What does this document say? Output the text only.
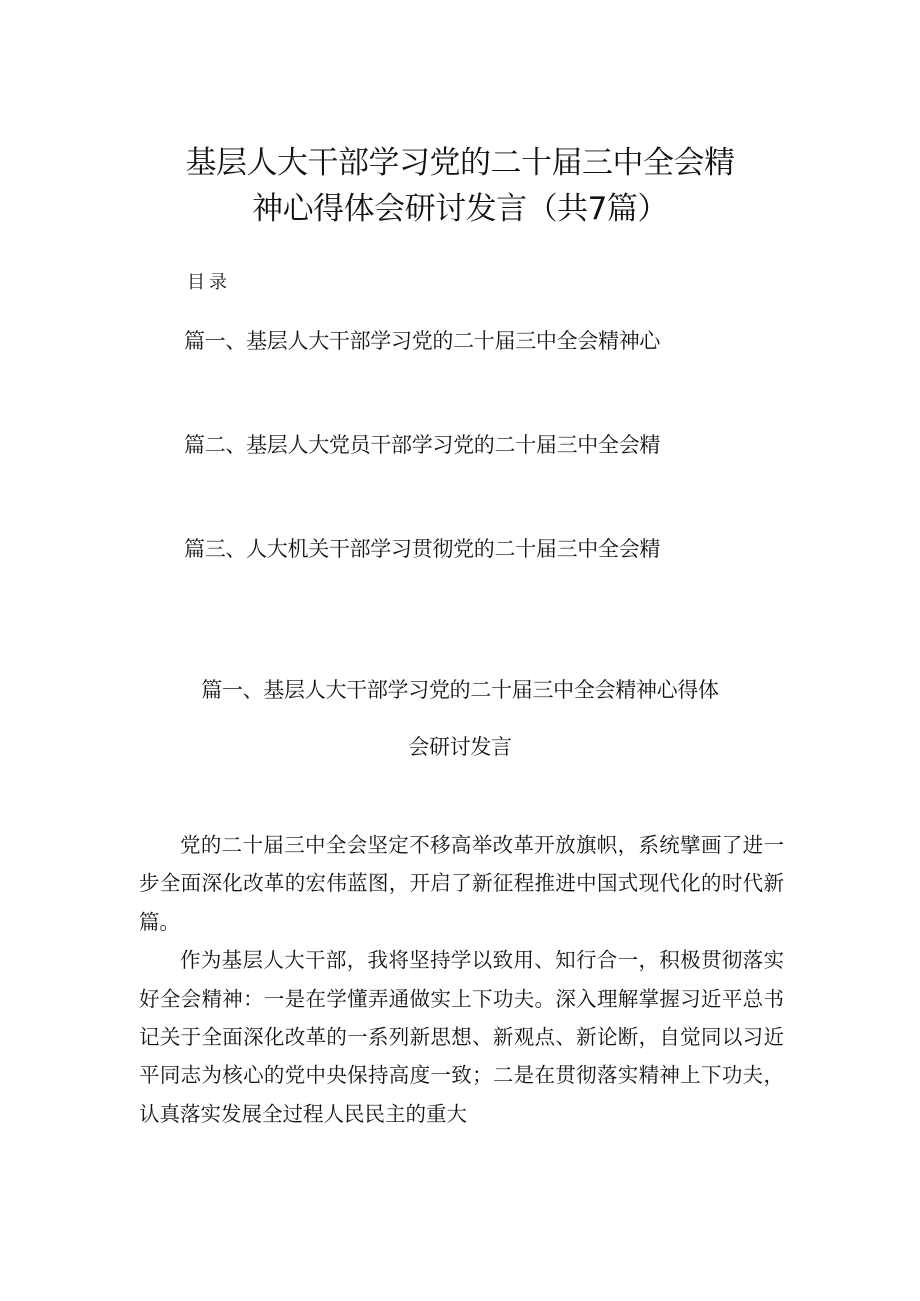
基层人大干部学习党的二十届三中全会精
神心得体会研讨发言（共7篇）
目录
篇一、基层人大干部学习党的二十届三中全会精神心
篇二、基层人大党员干部学习党的二十届三中全会精
篇三、人大机关干部学习贯彻党的二十届三中全会精
篇一、基层人大干部学习党的二十届三中全会精神心得体
会研讨发言

党的二十届三中全会坚定不移高举改革开放旗帜，系统擘画了进一步全面深化改革的宏伟蓝图，开启了新征程推进中国式现代化的时代新篇。

作为基层人大干部，我将坚持学以致用、知行合一，积极贯彻落实好全会精神：一是在学懂弄通做实上下功夫。深入理解掌握习近平总书记关于全面深化改革的一系列新思想、新观点、新论断，自觉同以习近平同志为核心的党中央保持高度一致；二是在贯彻落实精神上下功夫，认真落实发展全过程人民民主的重大
